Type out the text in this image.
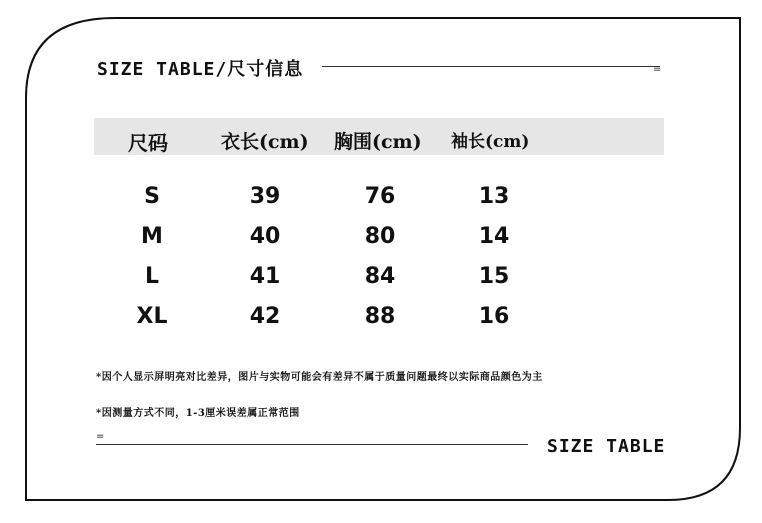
SIZE TABLE/尺寸信息	=
尺码	衣长(cm) 胸围(cm) 袖长(cm)
S	39	76	13
M	40	80	14
L	41	84	15
XL	42	88	16
*因个人显示屏明亮对比差异，图片与实物可能会有差异不属于质量问题最终以实际商品颜色为主
*因测量方式不同，1-3厘米误差属正常范围
=	SIZE TABLE
